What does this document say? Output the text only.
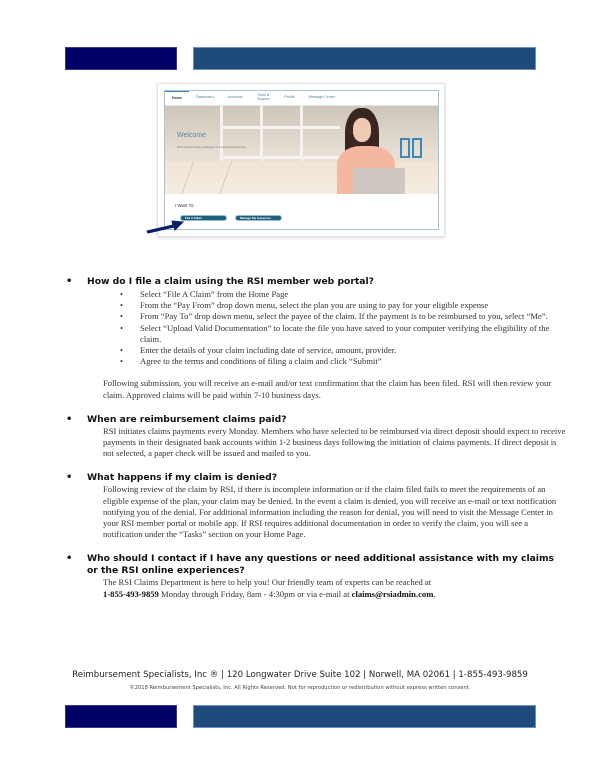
Home	Dashboard	Accounts	Tools & Support	Profile	Message Center
Welcome
We're Making It Easy to Manage Your Healthcare Expenses
I Want To:
File A Claim	Manage My Expenses
• How do I file a claim using the RSI member web portal?
• Select “File A Claim” from the Home Page
• From the “Pay From” drop down menu, select the plan you are using to pay for your eligible expense
• From “Pay To” drop down menu, select the payee of the claim. If the payment is to be reimbursed to you, select “Me”.
• Select “Upload Valid Documentation” to locate the file you have saved to your computer verifying the eligibility of the claim.
• Enter the details of your claim including date of service, amount, provider.
• Agree to the terms and conditions of filing a claim and click “Submit”
Following submission, you will receive an e-mail and/or text confirmation that the claim has been filed. RSI will then review your claim. Approved claims will be paid within 7-10 business days.
• When are reimbursement claims paid?
RSI initiates claims payments every Monday. Members who have selected to be reimbursed via direct deposit should expect to receive payments in their designated bank accounts within 1-2 business days following the initiation of claims payments. If direct deposit is not selected, a paper check will be issued and mailed to you.
• What happens if my claim is denied?
Following review of the claim by RSI, if there is incomplete information or if the claim filed fails to meet the requirements of an eligible expense of the plan, your claim may be denied. In the event a claim is denied, you will receive an e-mail or text notification notifying you of the denial. For additional information including the reason for denial, you will need to visit the Message Center in your RSI member portal or mobile app. If RSI requires additional documentation in order to verify the claim, you will see a notification under the “Tasks” section on your Home Page.
• Who should I contact if I have any questions or need additional assistance with my claims or the RSI online experiences?
The RSI Claims Department is here to help you! Our friendly team of experts can be reached at
1-855-493-9859 Monday through Friday, 8am - 4:30pm or via e-mail at claims@rsiadmin.com.
Reimbursement Specialists, Inc ® | 120 Longwater Drive Suite 102 | Norwell, MA 02061 | 1-855-493-9859
©2018 Reimbursement Specialists, Inc. All Rights Reserved. Not for reproduction or redistribution without express written consent.
